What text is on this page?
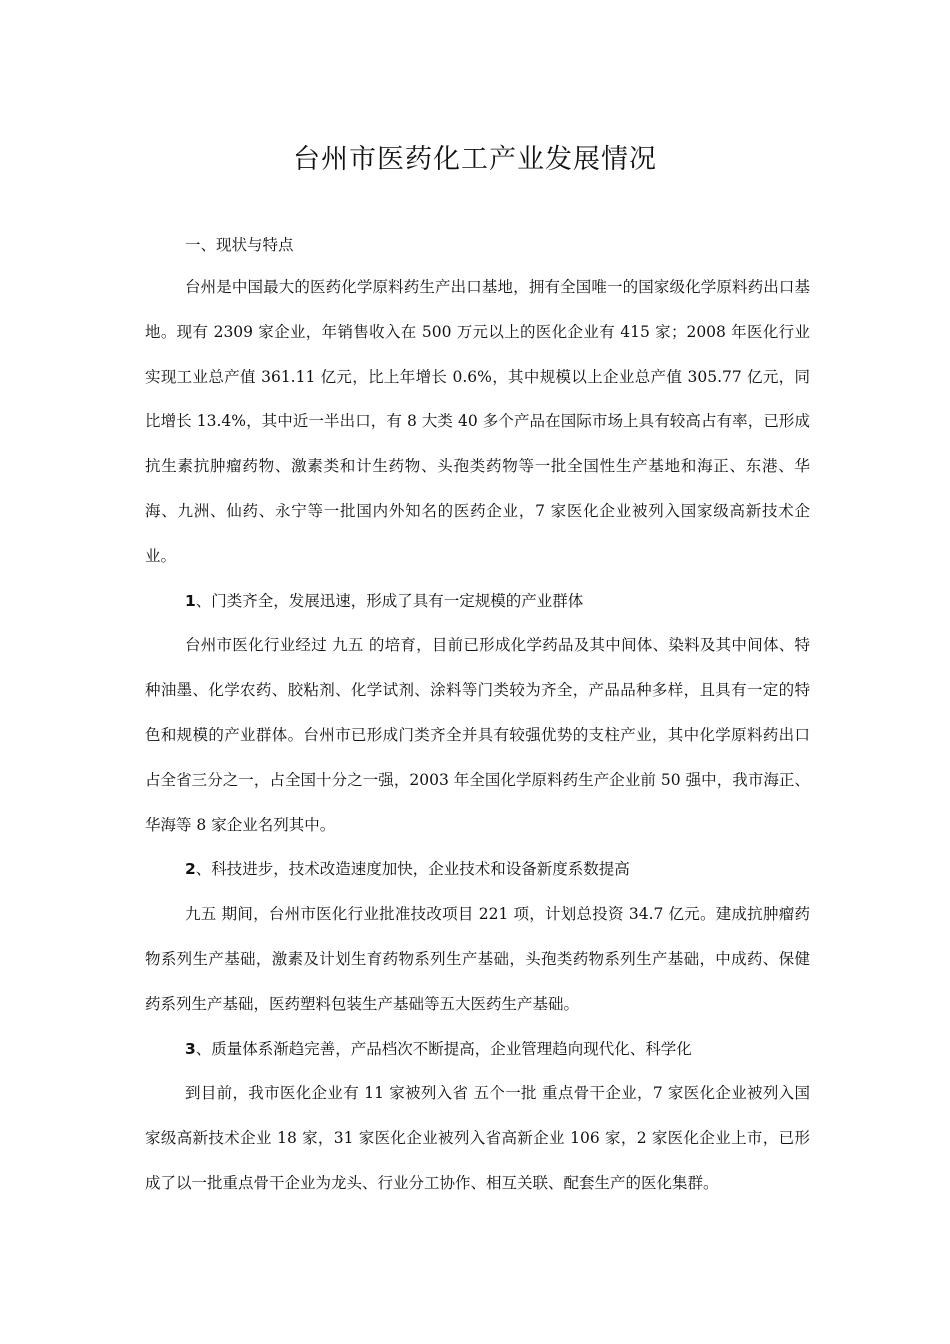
台州市医药化工产业发展情况

一、现状与特点

台州是中国最大的医药化学原料药生产出口基地，拥有全国唯一的国家级化学原料药出口基地。现有 2309 家企业，年销售收入在 500 万元以上的医化企业有 415 家；2008 年医化行业实现工业总产值 361.11 亿元，比上年增长 0.6%，其中规模以上企业总产值 305.77 亿元，同比增长 13.4%，其中近一半出口，有 8 大类 40 多个产品在国际市场上具有较高占有率，已形成抗生素抗肿瘤药物、激素类和计生药物、头孢类药物等一批全国性生产基地和海正、东港、华海、九洲、仙药、永宁等一批国内外知名的医药企业，7 家医化企业被列入国家级高新技术企业。

1、门类齐全，发展迅速，形成了具有一定规模的产业群体

台州市医化行业经过 九五 的培育，目前已形成化学药品及其中间体、染料及其中间体、特种油墨、化学农药、胶粘剂、化学试剂、涂料等门类较为齐全，产品品种多样，且具有一定的特色和规模的产业群体。台州市已形成门类齐全并具有较强优势的支柱产业，其中化学原料药出口占全省三分之一，占全国十分之一强，2003 年全国化学原料药生产企业前 50 强中，我市海正、华海等 8 家企业名列其中。

2、科技进步，技术改造速度加快，企业技术和设备新度系数提高

九五 期间，台州市医化行业批准技改项目 221 项，计划总投资 34.7 亿元。建成抗肿瘤药物系列生产基础，激素及计划生育药物系列生产基础，头孢类药物系列生产基础，中成药、保健药系列生产基础，医药塑料包装生产基础等五大医药生产基础。

3、质量体系渐趋完善，产品档次不断提高，企业管理趋向现代化、科学化

到目前，我市医化企业有 11 家被列入省 五个一批 重点骨干企业，7 家医化企业被列入国家级高新技术企业 18 家，31 家医化企业被列入省高新企业 106 家，2 家医化企业上市，已形成了以一批重点骨干企业为龙头、行业分工协作、相互关联、配套生产的医化集群。
